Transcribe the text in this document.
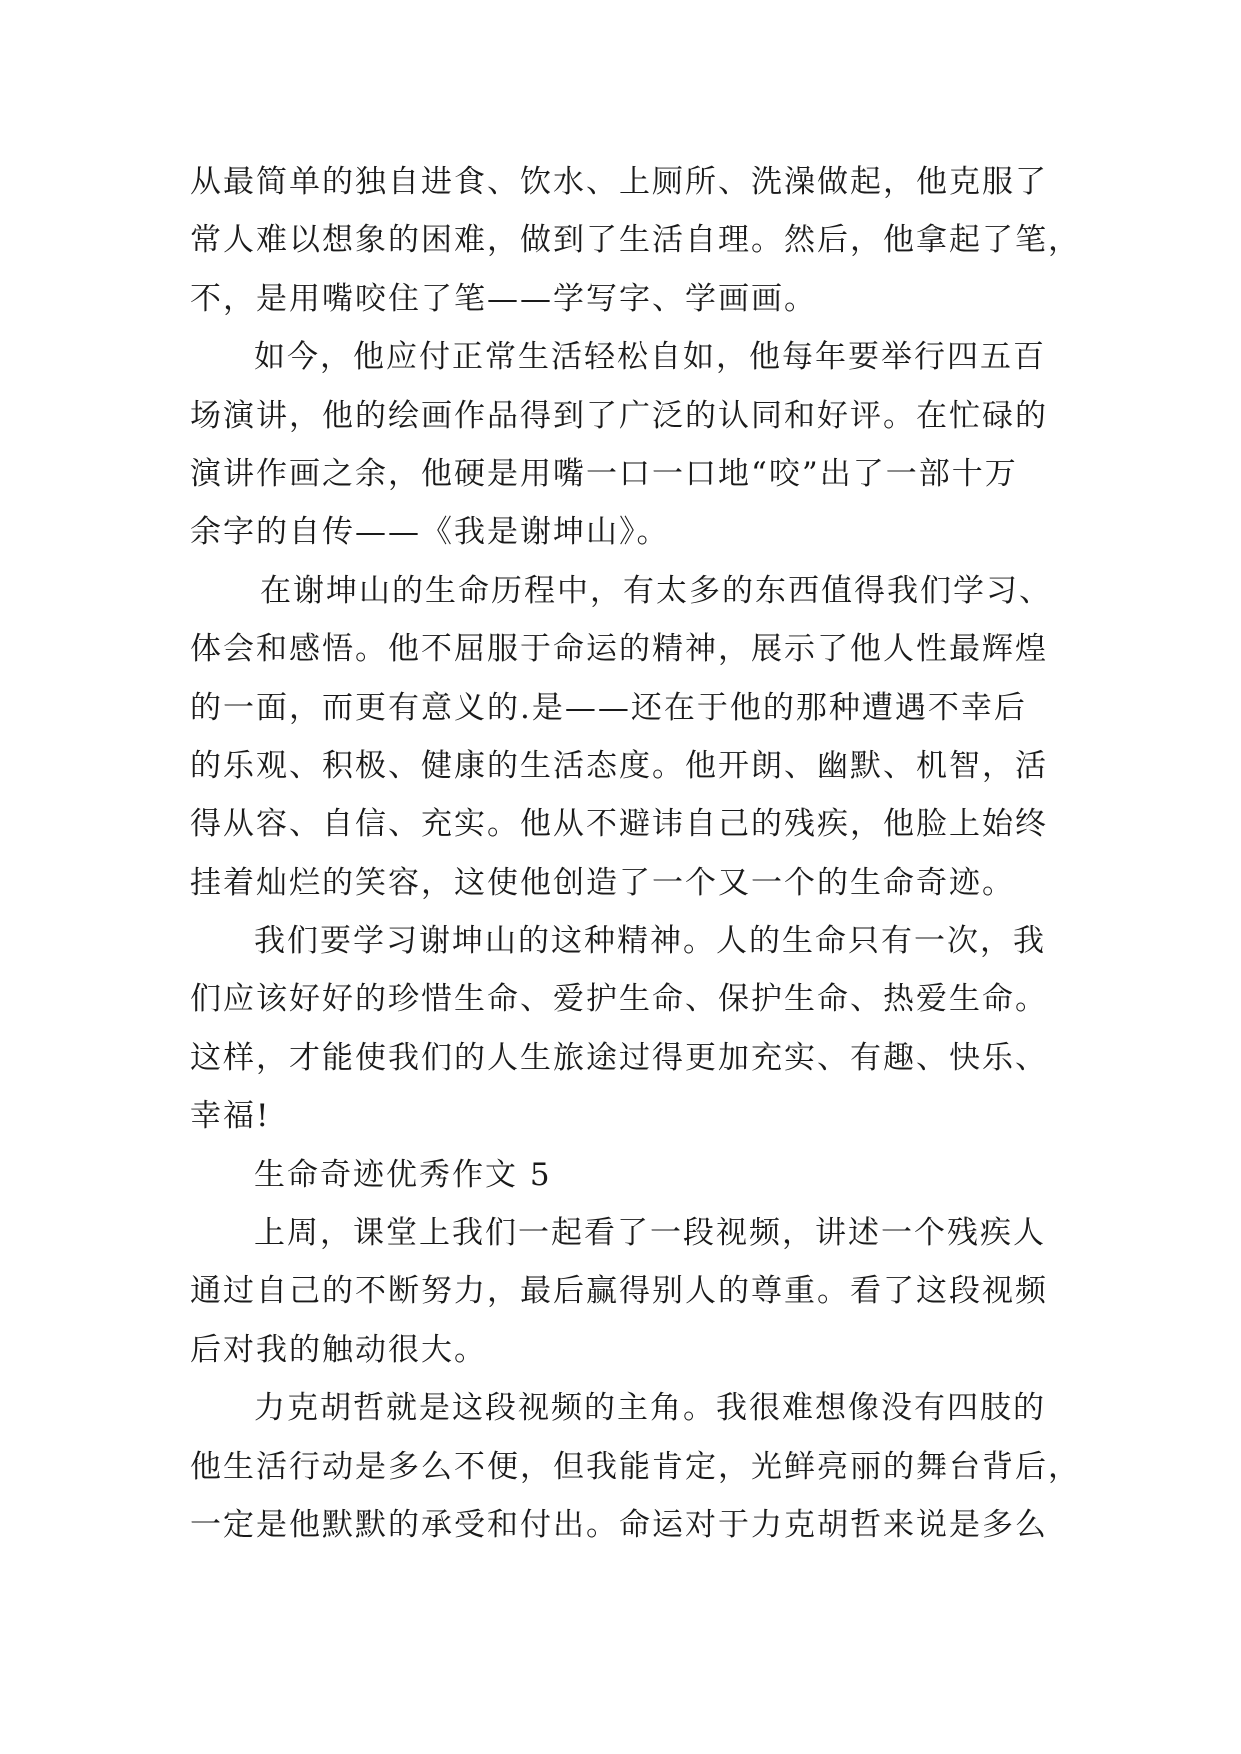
从最简单的独自进食、饮水、上厕所、洗澡做起，他克服了
常人难以想象的困难，做到了生活自理。然后，他拿起了笔，
不，是用嘴咬住了笔——学写字、学画画。
如今，他应付正常生活轻松自如，他每年要举行四五百
场演讲，他的绘画作品得到了广泛的认同和好评。在忙碌的
演讲作画之余，他硬是用嘴一口一口地“咬”出了一部十万
余字的自传——《我是谢坤山》。
在谢坤山的生命历程中，有太多的东西值得我们学习、
体会和感悟。他不屈服于命运的精神，展示了他人性最辉煌
的一面，而更有意义的.是——还在于他的那种遭遇不幸后
的乐观、积极、健康的生活态度。他开朗、幽默、机智，活
得从容、自信、充实。他从不避讳自己的残疾，他脸上始终
挂着灿烂的笑容，这使他创造了一个又一个的生命奇迹。
我们要学习谢坤山的这种精神。人的生命只有一次，我
们应该好好的珍惜生命、爱护生命、保护生命、热爱生命。
这样，才能使我们的人生旅途过得更加充实、有趣、快乐、
幸福!
生命奇迹优秀作文 5
上周，课堂上我们一起看了一段视频，讲述一个残疾人
通过自己的不断努力，最后赢得别人的尊重。看了这段视频
后对我的触动很大。
力克胡哲就是这段视频的主角。我很难想像没有四肢的
他生活行动是多么不便，但我能肯定，光鲜亮丽的舞台背后，
一定是他默默的承受和付出。命运对于力克胡哲来说是多么
